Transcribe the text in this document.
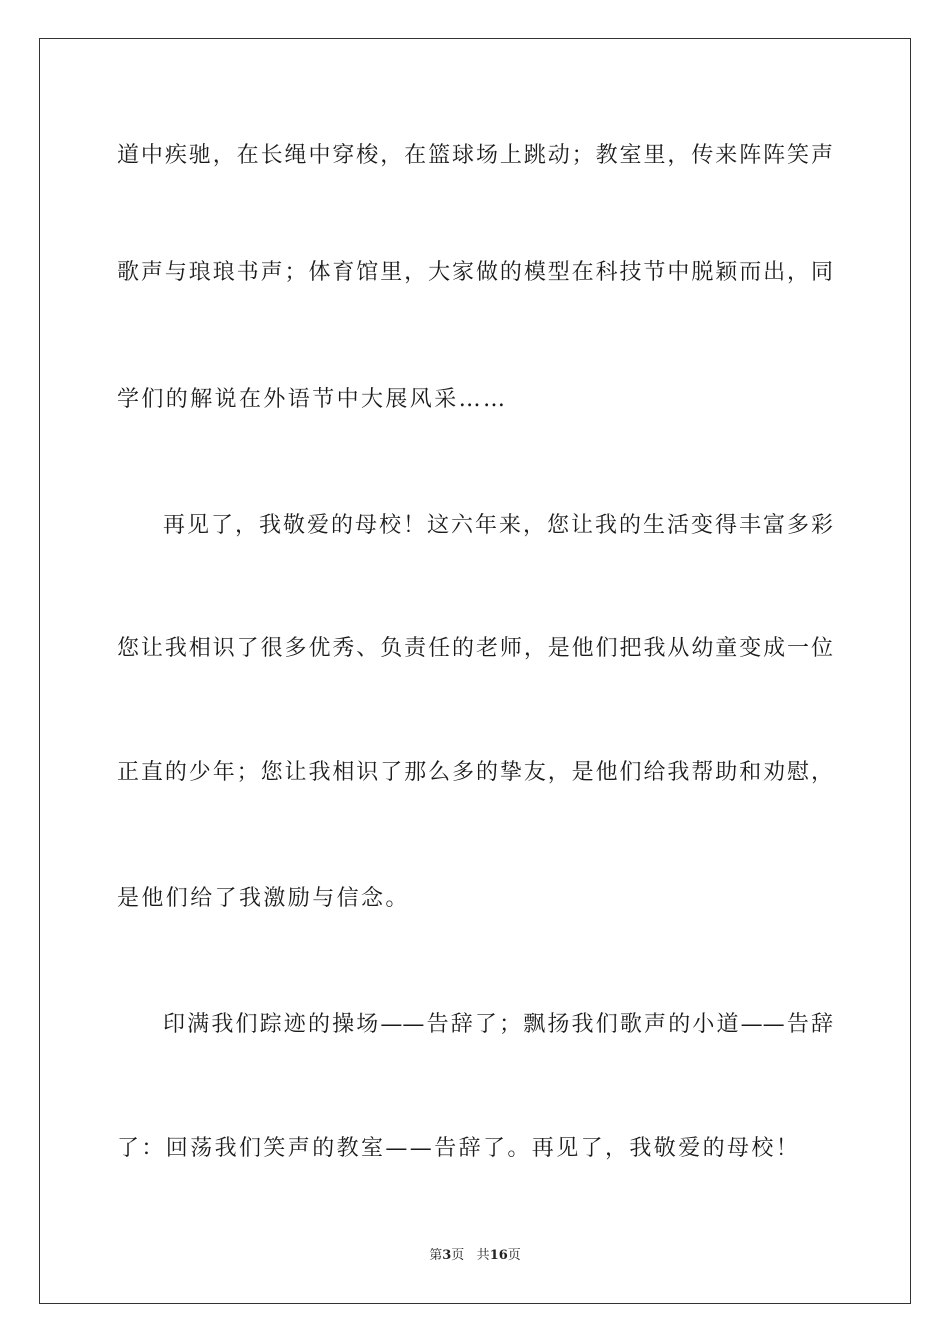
道中疾驰，在长绳中穿梭，在篮球场上跳动；教室里，传来阵阵笑声
歌声与琅琅书声；体育馆里，大家做的模型在科技节中脱颖而出，同
学们的解说在外语节中大展风采……
再见了，我敬爱的母校！这六年来，您让我的生活变得丰富多彩
您让我相识了很多优秀、负责任的老师，是他们把我从幼童变成一位
正直的少年；您让我相识了那么多的挚友，是他们给我帮助和劝慰，
是他们给了我激励与信念。
印满我们踪迹的操场——告辞了；飘扬我们歌声的小道——告辞
了：回荡我们笑声的教室——告辞了。再见了，我敬爱的母校！
第3页 共16页
